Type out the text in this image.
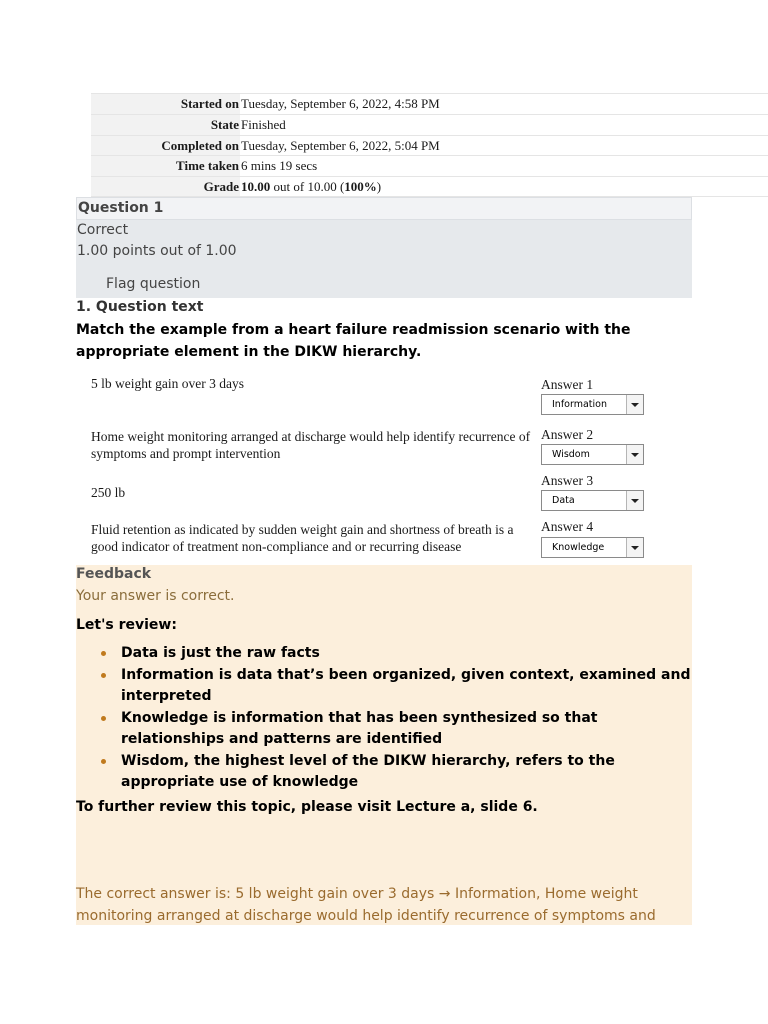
Started on Tuesday, September 6, 2022, 4:58 PM
State Finished
Completed on Tuesday, September 6, 2022, 5:04 PM
Time taken 6 mins 19 secs
Grade 10.00 out of 10.00 (100%)
Question 1
Correct
1.00 points out of 1.00
Flag question
1. Question text
Match the example from a heart failure readmission scenario with the appropriate element in the DIKW hierarchy.
5 lb weight gain over 3 days	Answer 1
Information
Home weight monitoring arranged at discharge would help identify recurrence of symptoms and prompt intervention
Answer 2
Wisdom
250 lb
Answer 3
Data
Fluid retention as indicated by sudden weight gain and shortness of breath is a good indicator of treatment non-compliance and or recurring disease
Answer 4
Knowledge
Feedback
Your answer is correct.
Let's review:
Data is just the raw facts
Information is data that’s been organized, given context, examined and interpreted
Knowledge is information that has been synthesized so that relationships and patterns are identified
Wisdom, the highest level of the DIKW hierarchy, refers to the appropriate use of knowledge
To further review this topic, please visit Lecture a, slide 6.
The correct answer is: 5 lb weight gain over 3 days → Information, Home weight monitoring arranged at discharge would help identify recurrence of symptoms and
